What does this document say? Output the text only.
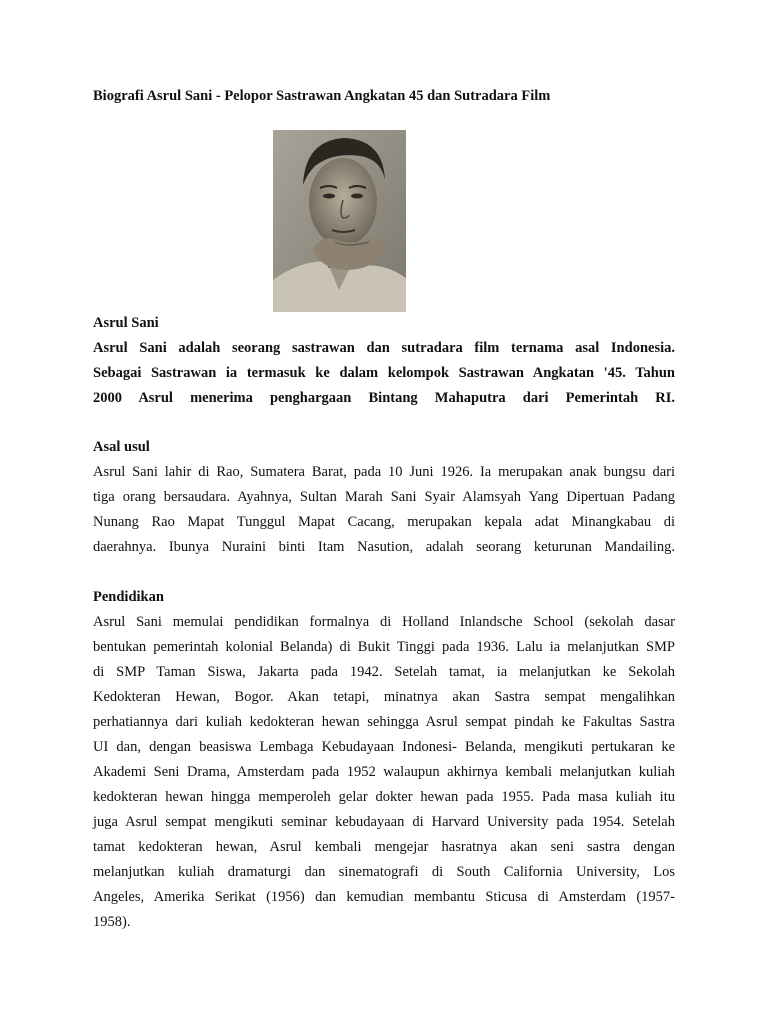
Biografi Asrul Sani - Pelopor Sastrawan Angkatan 45 dan Sutradara Film
Asrul Sani
Asrul Sani adalah seorang sastrawan dan sutradara film ternama asal Indonesia.
Sebagai Sastrawan ia termasuk ke dalam kelompok Sastrawan Angkatan '45. Tahun
2000 Asrul menerima penghargaan Bintang Mahaputra dari Pemerintah RI.
Asal usul
Asrul Sani lahir di Rao, Sumatera Barat, pada 10 Juni 1926. Ia merupakan anak bungsu dari
tiga orang bersaudara. Ayahnya, Sultan Marah Sani Syair Alamsyah Yang Dipertuan Padang
Nunang Rao Mapat Tunggul Mapat Cacang, merupakan kepala adat Minangkabau di
daerahnya. Ibunya Nuraini binti Itam Nasution, adalah seorang keturunan Mandailing.
Pendidikan
Asrul Sani memulai pendidikan formalnya di Holland Inlandsche School (sekolah dasar
bentukan pemerintah kolonial Belanda) di Bukit Tinggi pada 1936. Lalu ia melanjutkan SMP
di SMP Taman Siswa, Jakarta pada 1942. Setelah tamat, ia melanjutkan ke Sekolah
Kedokteran Hewan, Bogor. Akan tetapi, minatnya akan Sastra sempat mengalihkan
perhatiannya dari kuliah kedokteran hewan sehingga Asrul sempat pindah ke Fakultas Sastra
UI dan, dengan beasiswa Lembaga Kebudayaan Indonesi- Belanda, mengikuti pertukaran ke
Akademi Seni Drama, Amsterdam pada 1952 walaupun akhirnya kembali melanjutkan kuliah
kedokteran hewan hingga memperoleh gelar dokter hewan pada 1955. Pada masa kuliah itu
juga Asrul sempat mengikuti seminar kebudayaan di Harvard University pada 1954. Setelah
tamat kedokteran hewan, Asrul kembali mengejar hasratnya akan seni sastra dengan
melanjutkan kuliah dramaturgi dan sinematografi di South California University, Los
Angeles, Amerika Serikat (1956) dan kemudian membantu Sticusa di Amsterdam (1957-
1958).
